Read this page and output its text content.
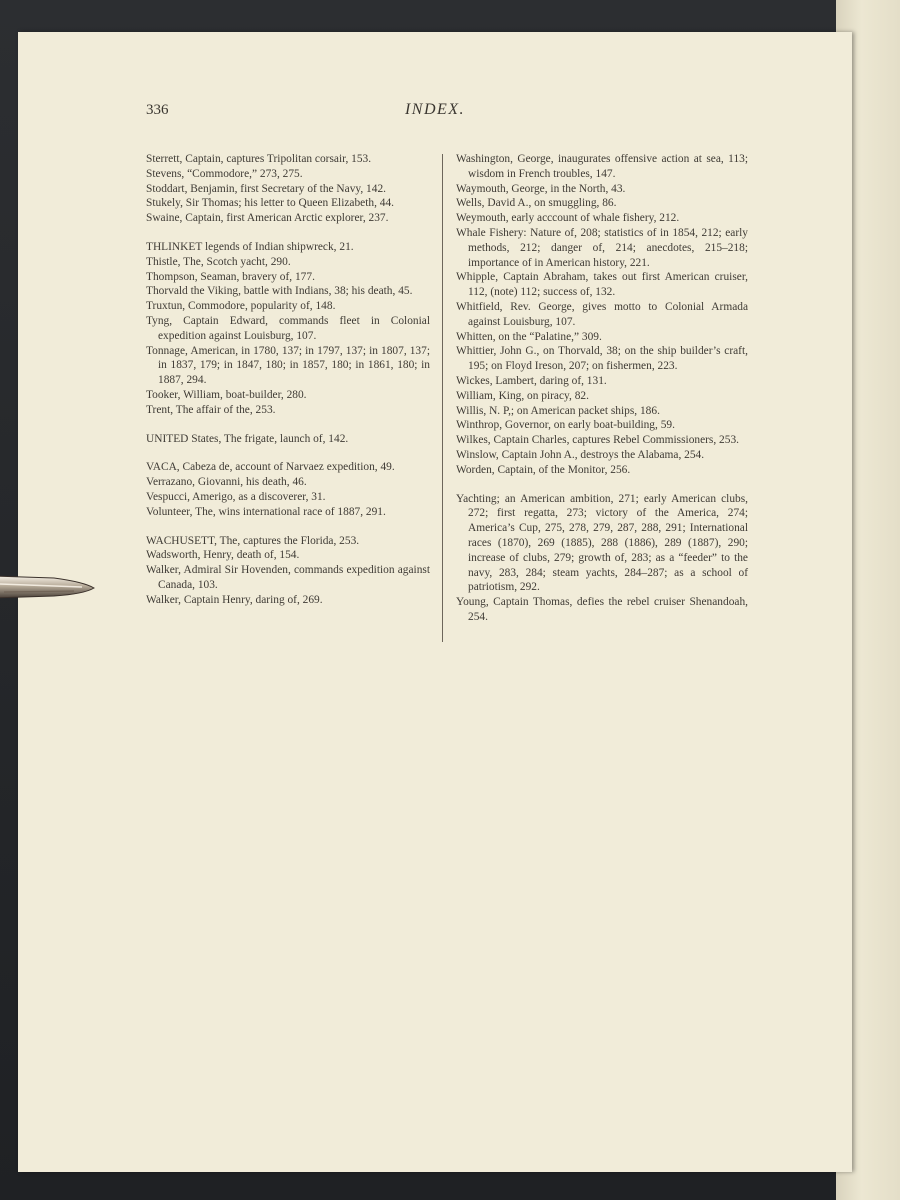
336	INDEX.
Sterrett, Captain, captures Tripolitan corsair, 153.
Stevens, “Commodore,” 273, 275.
Stoddart, Benjamin, first Secretary of the Navy, 142.
Stukely, Sir Thomas; his letter to Queen Elizabeth, 44.
Swaine, Captain, first American Arctic explorer, 237.
THLINKET legends of Indian shipwreck, 21.
Thistle, The, Scotch yacht, 290.
Thompson, Seaman, bravery of, 177.
Thorvald the Viking, battle with Indians, 38; his death, 45.
Truxtun, Commodore, popularity of, 148.
Tyng, Captain Edward, commands fleet in Colonial expedition against Louisburg, 107.
Tonnage, American, in 1780, 137; in 1797, 137; in 1807, 137; in 1837, 179; in 1847, 180; in 1857, 180; in 1861, 180; in 1887, 294.
Tooker, William, boat-builder, 280.
Trent, The affair of the, 253.
UNITED States, The frigate, launch of, 142.
VACA, Cabeza de, account of Narvaez expedition, 49.
Verrazano, Giovanni, his death, 46.
Vespucci, Amerigo, as a discoverer, 31.
Volunteer, The, wins international race of 1887, 291.
WACHUSETT, The, captures the Florida, 253.
Wadsworth, Henry, death of, 154.
Walker, Admiral Sir Hovenden, commands expedition against Canada, 103.
Walker, Captain Henry, daring of, 269.
Washington, George, inaugurates offensive action at sea, 113; wisdom in French troubles, 147.
Waymouth, George, in the North, 43.
Wells, David A., on smuggling, 86.
Weymouth, early acccount of whale fishery, 212.
Whale Fishery: Nature of, 208; statistics of in 1854, 212; early methods, 212; danger of, 214; anecdotes, 215–218; importance of in American history, 221.
Whipple, Captain Abraham, takes out first American cruiser, 112, (note) 112; success of, 132.
Whitfield, Rev. George, gives motto to Colonial Armada against Louisburg, 107.
Whitten, on the “Palatine,” 309.
Whittier, John G., on Thorvald, 38; on the ship builder’s craft, 195; on Floyd Ireson, 207; on fishermen, 223.
Wickes, Lambert, daring of, 131.
William, King, on piracy, 82.
Willis, N. P,; on American packet ships, 186.
Winthrop, Governor, on early boat-building, 59.
Wilkes, Captain Charles, captures Rebel Commissioners, 253.
Winslow, Captain John A., destroys the Alabama, 254.
Worden, Captain, of the Monitor, 256.
Yachting; an American ambition, 271; early American clubs, 272; first regatta, 273; victory of the America, 274; America’s Cup, 275, 278, 279, 287, 288, 291; International races (1870), 269 (1885), 288 (1886), 289 (1887), 290; increase of clubs, 279; growth of, 283; as a “feeder” to the navy, 283, 284; steam yachts, 284–287; as a school of patriotism, 292.
Young, Captain Thomas, defies the rebel cruiser Shenandoah, 254.
